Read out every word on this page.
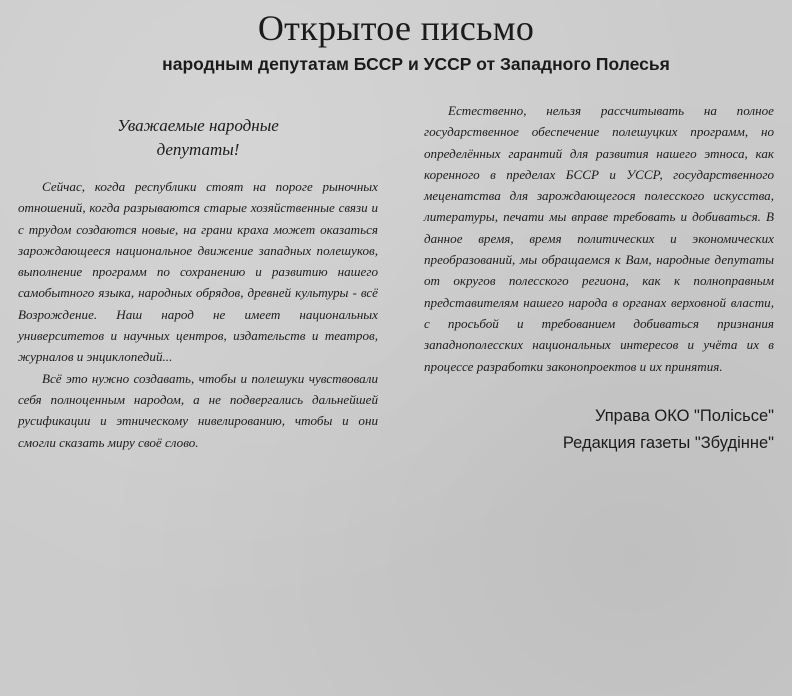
Открытое письмо
народным депутатам БССР и УССР от Западного Полесья
Уважаемые народные
депутаты!

Сейчас, когда республики стоят на пороге рыночных отношений, когда разрываются старые хозяйственные связи и с трудом создаются новые, на грани краха может оказаться зарождающееся национальное движение западных полешуков, выполнение программ по сохранению и развитию нашего самобытного языка, народных обрядов, древней культуры - всё Возрождение. Наш народ не имеет национальных университетов и научных центров, издательств и театров, журналов и энциклопедий...

Всё это нужно создавать, чтобы и полешуки чувствовали себя полноценным народом, а не подвергались дальнейшей русификации и этническому нивелированию, чтобы и они смогли сказать миру своё слово.

Естественно, нельзя рассчитывать на полное государственное обеспечение полешуцких программ, но определённых гарантий для развития нашего этноса, как коренного в пределах БССР и УССР, государственного меценатства для зарождающегося полесского искусства, литературы, печати мы вправе требовать и добиваться. В данное время, время политических и экономических преобразований, мы обращаемся к Вам, народные депутаты от округов полесского региона, как к полноправным представителям нашего народа в органах верховной власти, с просьбой и требованием добиваться признания западнополесских национальных интересов и учёта их в процессе разработки законопроектов и их принятия.

Управа ОКО "Полiсьсе"
Редакция газеты "Збудiнне"
